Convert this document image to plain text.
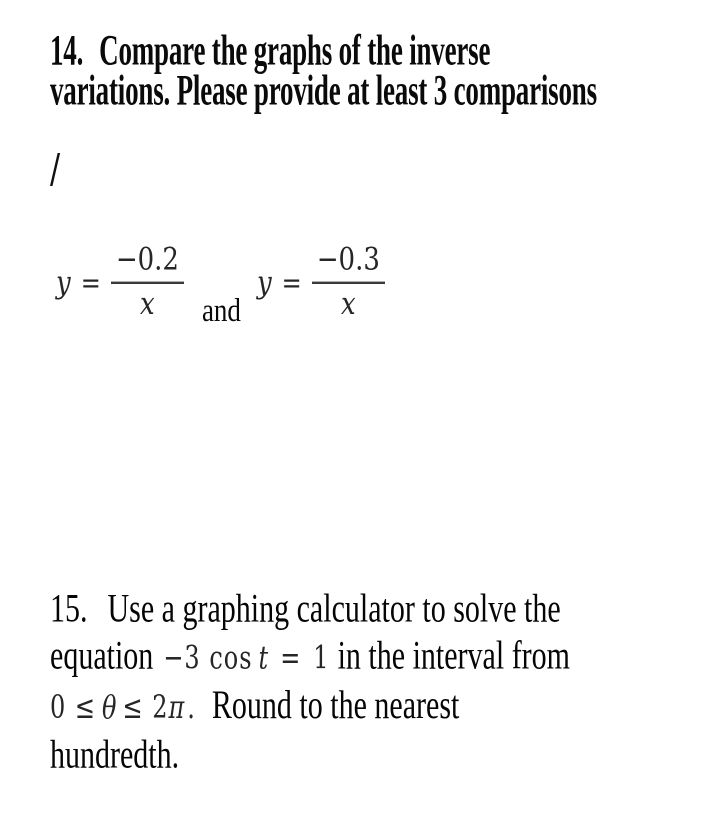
14. Compare the graphs of the inverse
variations. Please provide at least 3 comparisons
/
$y = \frac{-0.2}{x}$ and
$y = \frac{-0.3}{x}$
15. Use a graphing calculator to solve the
equation −3 cos t = 1 in the interval from
0 ≤ θ ≤ 2π . Round to the nearest
hundredth.
